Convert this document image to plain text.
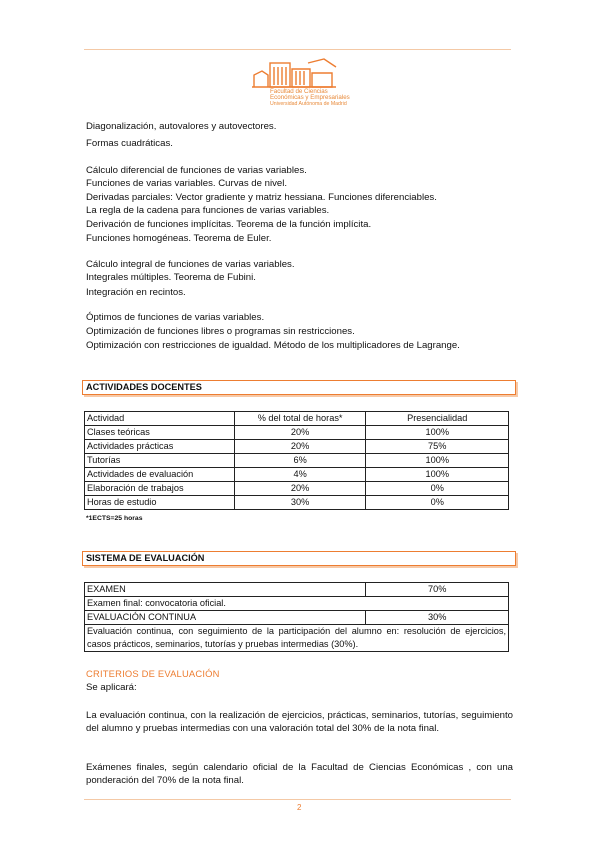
Facultad de Ciencias
Económicas y Empresariales
Universidad Autónoma de Madrid
Diagonalización, autovalores y autovectores.
Formas cuadráticas.
Cálculo diferencial de funciones de varias variables.
Funciones de varias variables. Curvas de nivel.
Derivadas parciales: Vector gradiente y matriz hessiana. Funciones diferenciables.
La regla de la cadena para funciones de varias variables.
Derivación de funciones implícitas. Teorema de la función implícita.
Funciones homogéneas. Teorema de Euler.
Cálculo integral de funciones de varias variables.
Integrales múltiples. Teorema de Fubini.
Integración en recintos.
Óptimos de funciones de varias variables.
Optimización de funciones libres o programas sin restricciones.
Optimización con restricciones de igualdad. Método de los multiplicadores de Lagrange.
ACTIVIDADES DOCENTES
Actividad	% del total de horas*	Presencialidad
Clases teóricas	20%	100%
Actividades prácticas	20%	75%
Tutorías	6%	100%
Actividades de evaluación	4%	100%
Elaboración de trabajos	20%	0%
Horas de estudio	30%	0%
*1ECTS=25 horas
SISTEMA DE EVALUACIÓN
EXAMEN	70%
Examen final: convocatoria oficial.	
EVALUACIÓN CONTINUA	30%
Evaluación continua, con seguimiento de la participación del alumno en: resolución de ejercicios, casos prácticos, seminarios, tutorías y pruebas intermedias (30%).	
CRITERIOS DE EVALUACIÓN
Se aplicará:
La evaluación continua, con la realización de ejercicios, prácticas, seminarios, tutorías, seguimiento del alumno y pruebas intermedias con una valoración total del 30% de la nota final.
Exámenes finales, según calendario oficial de la Facultad de Ciencias Económicas , con una ponderación del 70% de la nota final.
2
